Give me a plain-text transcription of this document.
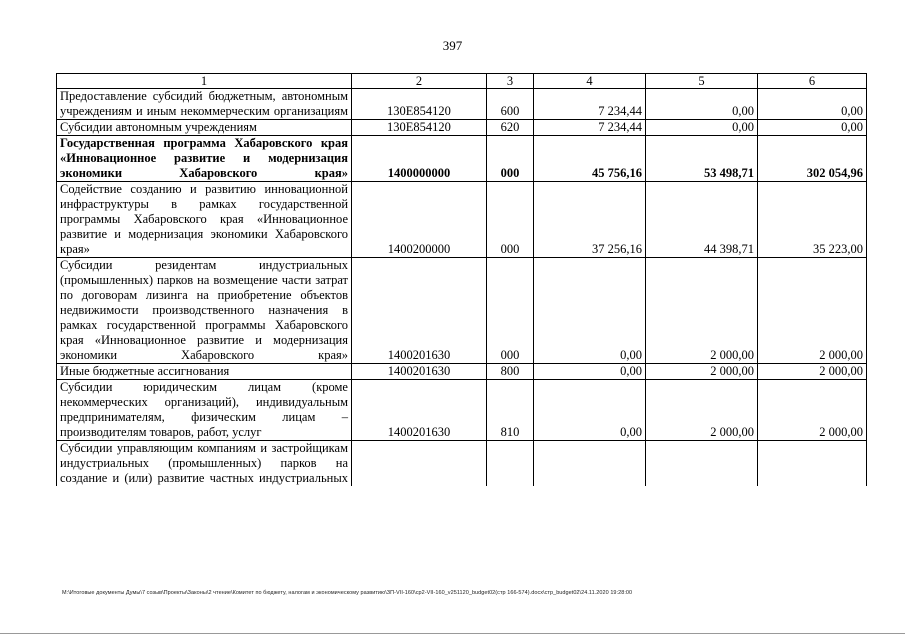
397
1	2	3	4	5	6
Предоставление субсидий бюджетным, автономным учреждениям и иным некоммерческим организациям	130E854120	600	7 234,44	0,00	0,00
Субсидии автономным учреждениям	130E854120	620	7 234,44	0,00	0,00
Государственная программа Хабаровского края «Инновационное развитие и модернизация экономики Хабаровского края»	1400000000	000	45 756,16	53 498,71	302 054,96
Содействие созданию и развитию инновационной инфраструктуры в рамках государственной программы Хабаровского края «Инновационное развитие и модернизация экономики Хабаровского края»	1400200000	000	37 256,16	44 398,71	35 223,00
Субсидии резидентам индустриальных (промышленных) парков на возмещение части затрат по договорам лизинга на приобретение объектов недвижимости производственного назначения в рамках государственной программы Хабаровского края «Инновационное развитие и модернизация экономики Хабаровского края»	1400201630	000	0,00	2 000,00	2 000,00
Иные бюджетные ассигнования	1400201630	800	0,00	2 000,00	2 000,00
Субсидии юридическим лицам (кроме некоммерческих организаций), индивидуальным предпринимателям, физическим лицам – производителям товаров, работ, услуг	1400201630	810	0,00	2 000,00	2 000,00
Субсидии управляющим компаниям и застройщикам индустриальных (промышленных) парков на создание и (или) развитие частных индустриальных					
M:\Итоговые документы Думы\7 созыв\Проекты\Законы\2 чтение\Комитет по бюджету, налогам и экономическому развитию\ЗП-VII-160\ср2-VII-160_v251120_budget02(стр 166-574).docx\стр_budget02\24.11.2020 19:28:00
